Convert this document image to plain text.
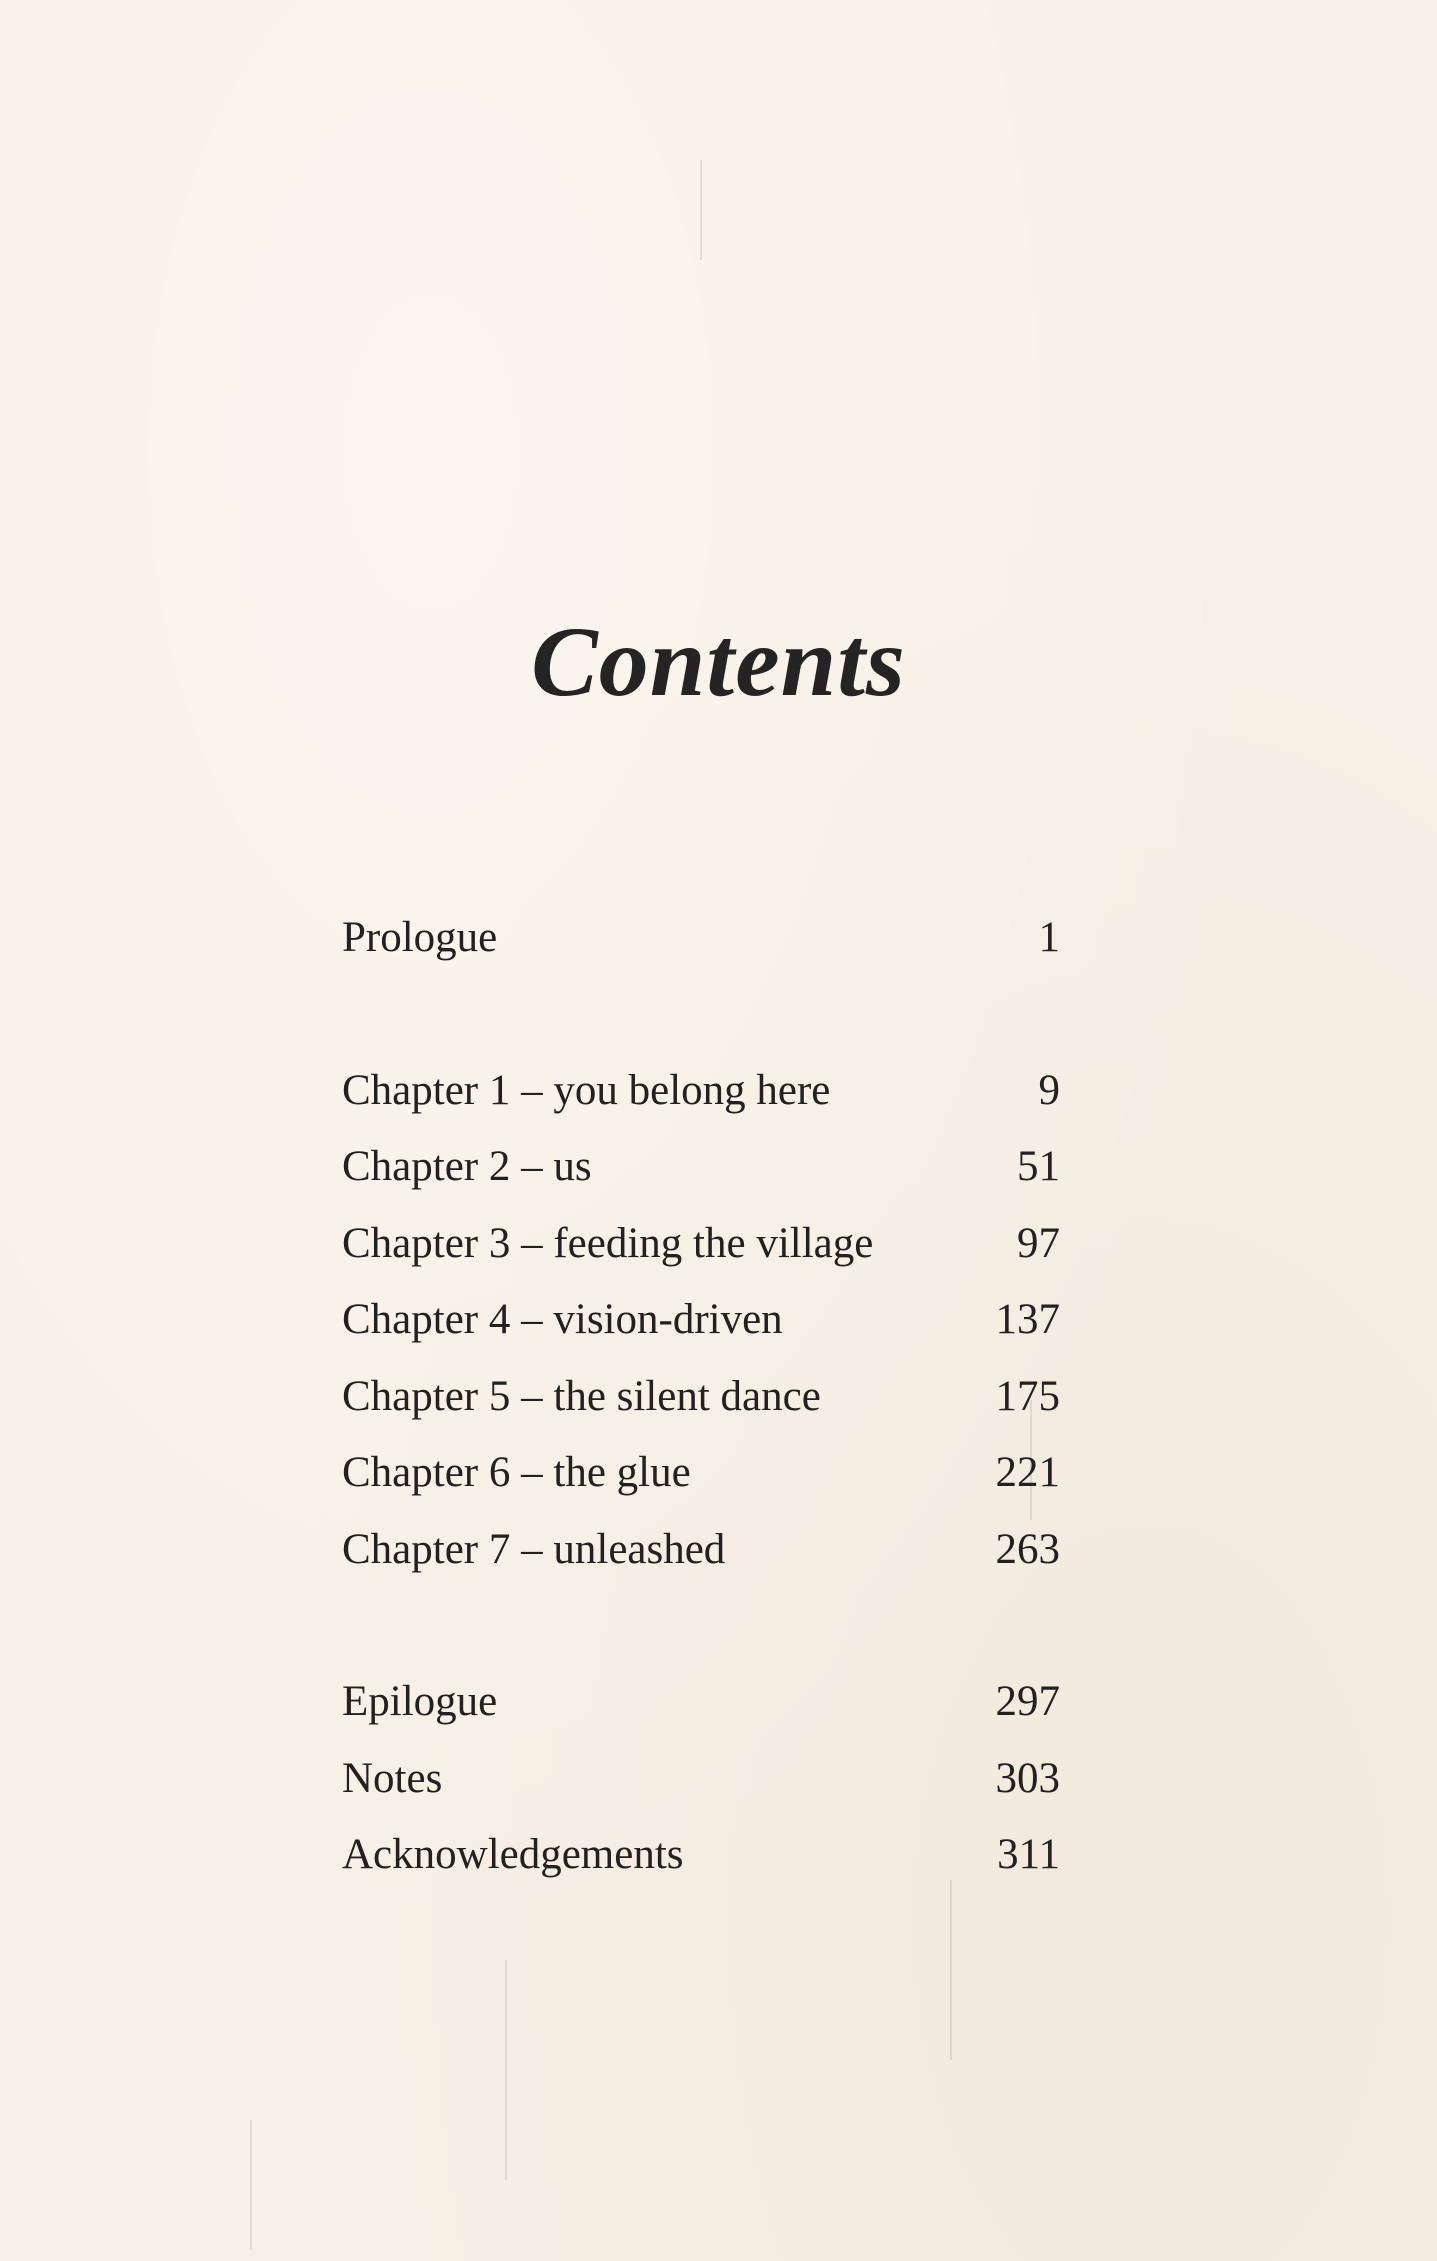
Contents
Prologue	1
Chapter 1 – you belong here	9
Chapter 2 – us	51
Chapter 3 – feeding the village	97
Chapter 4 – vision-driven	137
Chapter 5 – the silent dance	175
Chapter 6 – the glue	221
Chapter 7 – unleashed	263
Epilogue	297
Notes	303
Acknowledgements	311
